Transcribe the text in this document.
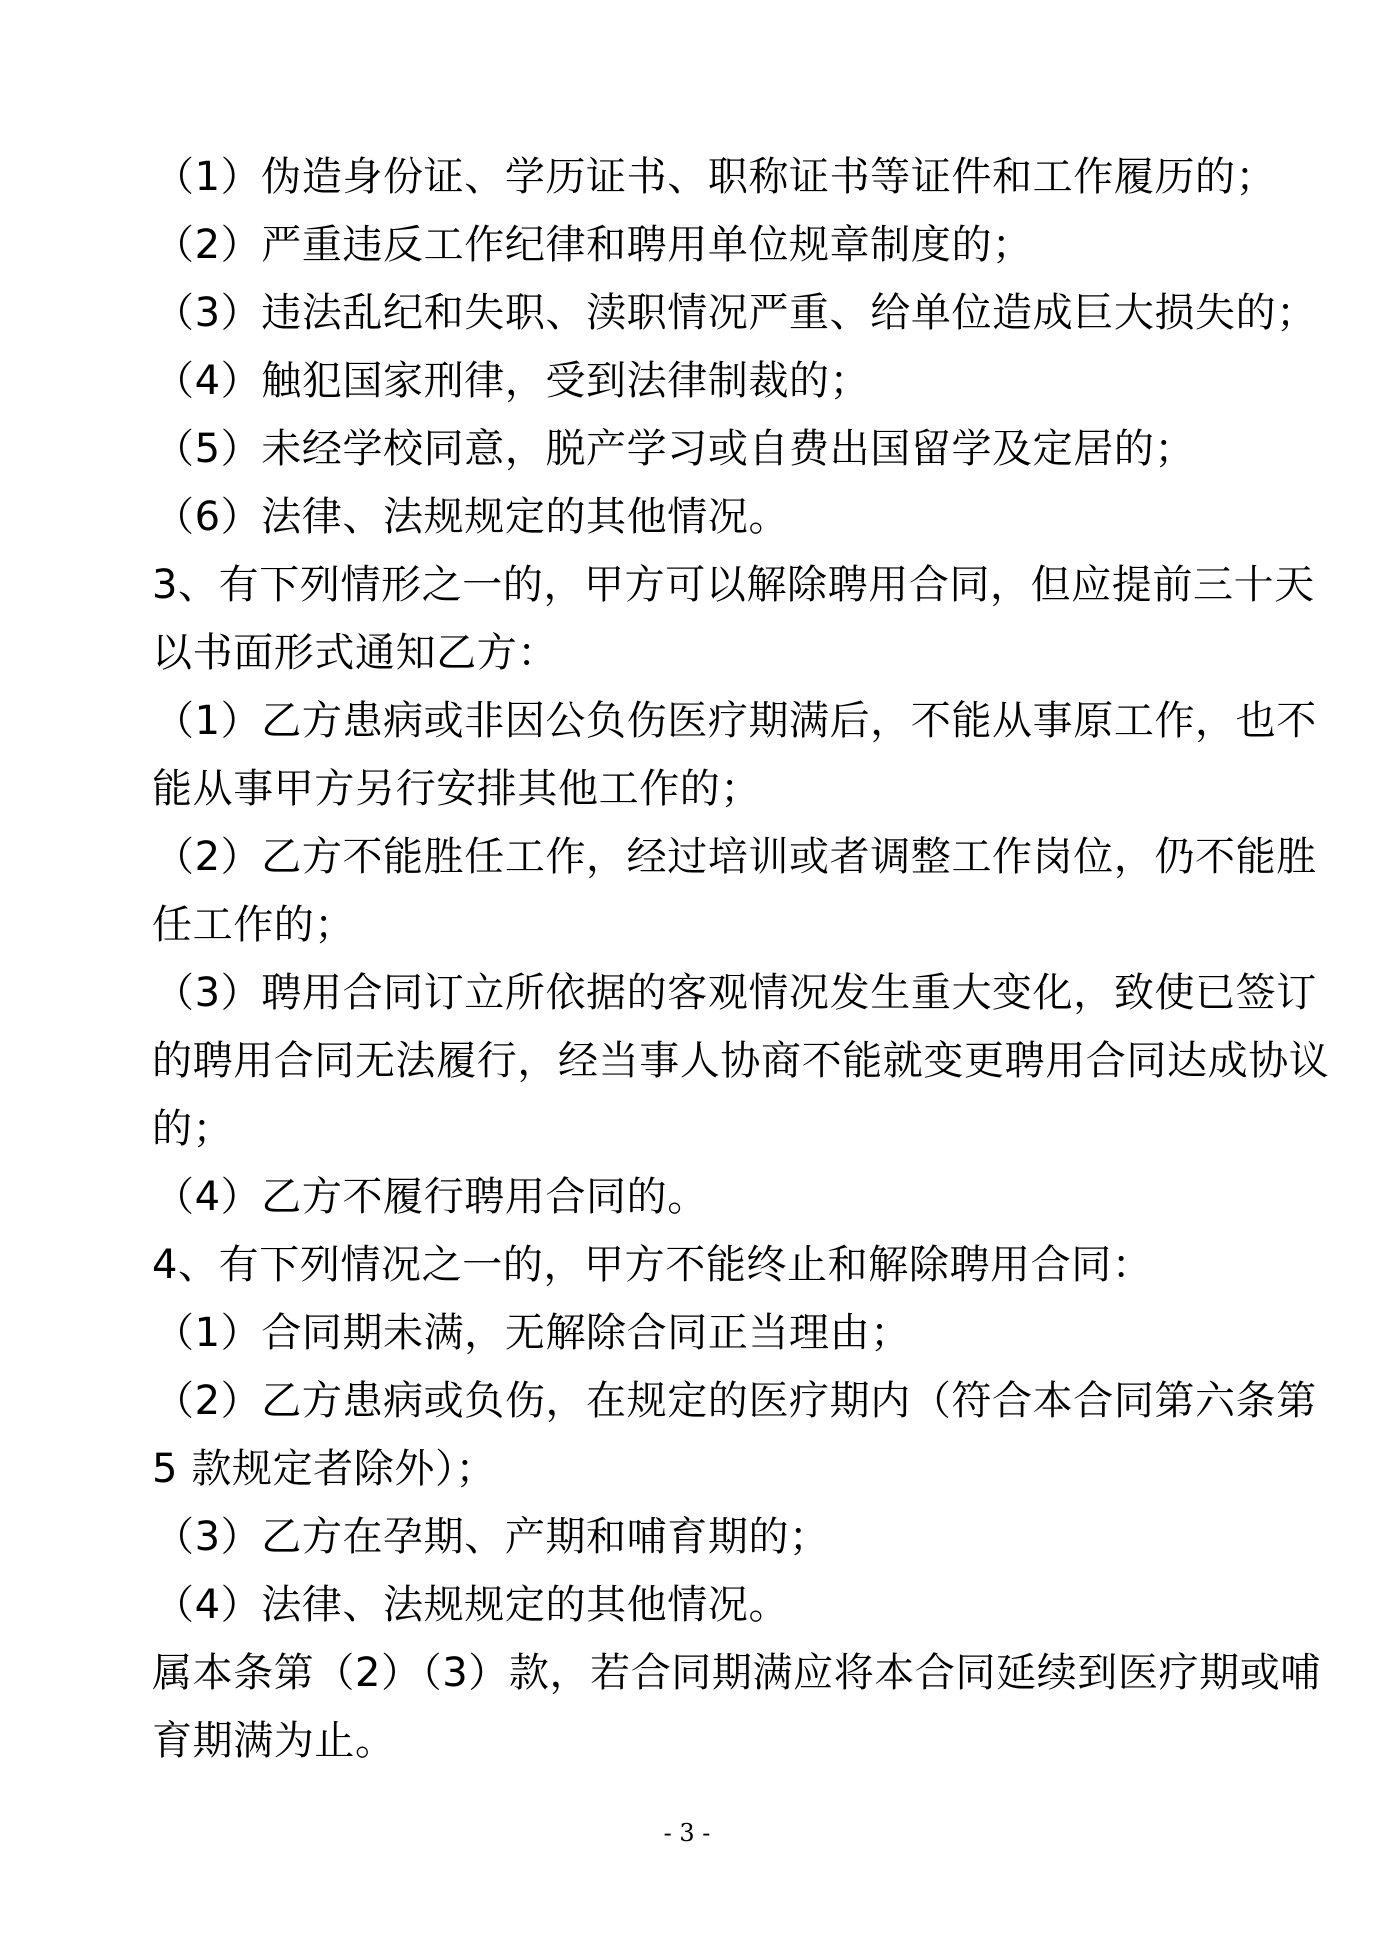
（1）伪造身份证、学历证书、职称证书等证件和工作履历的；
（2）严重违反工作纪律和聘用单位规章制度的；
（3）违法乱纪和失职、渎职情况严重、给单位造成巨大损失的；
（4）触犯国家刑律，受到法律制裁的；
（5）未经学校同意，脱产学习或自费出国留学及定居的；
（6）法律、法规规定的其他情况。
3、有下列情形之一的，甲方可以解除聘用合同，但应提前三十天
以书面形式通知乙方：
（1）乙方患病或非因公负伤医疗期满后，不能从事原工作，也不
能从事甲方另行安排其他工作的；
（2）乙方不能胜任工作，经过培训或者调整工作岗位，仍不能胜
任工作的；
（3）聘用合同订立所依据的客观情况发生重大变化，致使已签订
的聘用合同无法履行，经当事人协商不能就变更聘用合同达成协议
的；
（4）乙方不履行聘用合同的。
4、有下列情况之一的，甲方不能终止和解除聘用合同：
（1）合同期未满，无解除合同正当理由；
（2）乙方患病或负伤，在规定的医疗期内（符合本合同第六条第
5 款规定者除外）；
（3）乙方在孕期、产期和哺育期的；
（4）法律、法规规定的其他情况。
属本条第（2）（3）款，若合同期满应将本合同延续到医疗期或哺
育期满为止。
- 3 -
